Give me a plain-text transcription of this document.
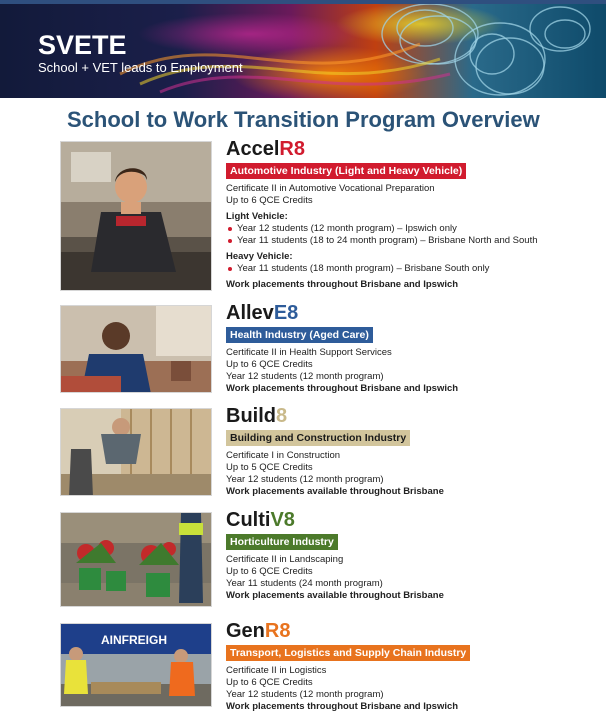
SVETE
School + VET leads to Employment
School to Work Transition Program Overview
AccelR8
Automotive Industry (Light and Heavy Vehicle)
Certificate II in Automotive Vocational Preparation
Up to 6 QCE Credits
Light Vehicle:
Year 12 students (12 month program) – Ipswich only
Year 11 students (18 to 24 month program) – Brisbane North and South
Heavy Vehicle:
Year 11 students (18 month program) – Brisbane South only
Work placements throughout Brisbane and Ipswich
AllevE8
Health Industry (Aged Care)
Certificate II in Health Support Services
Up to 6 QCE Credits
Year 12 students (12 month program)
Work placements throughout Brisbane and Ipswich
Build8
Building and Construction Industry
Certificate I in Construction
Up to 5 QCE Credits
Year 12 students (12 month program)
Work placements available throughout Brisbane
CultiV8
Horticulture Industry
Certificate II in Landscaping
Up to 6 QCE Credits
Year 11 students (24 month program)
Work placements available throughout Brisbane
AINFREIGH	GenR8
Transport, Logistics and Supply Chain Industry
Certificate II in Logistics
Up to 6 QCE Credits
Year 12 students (12 month program)
Work placements throughout Brisbane and Ipswich
